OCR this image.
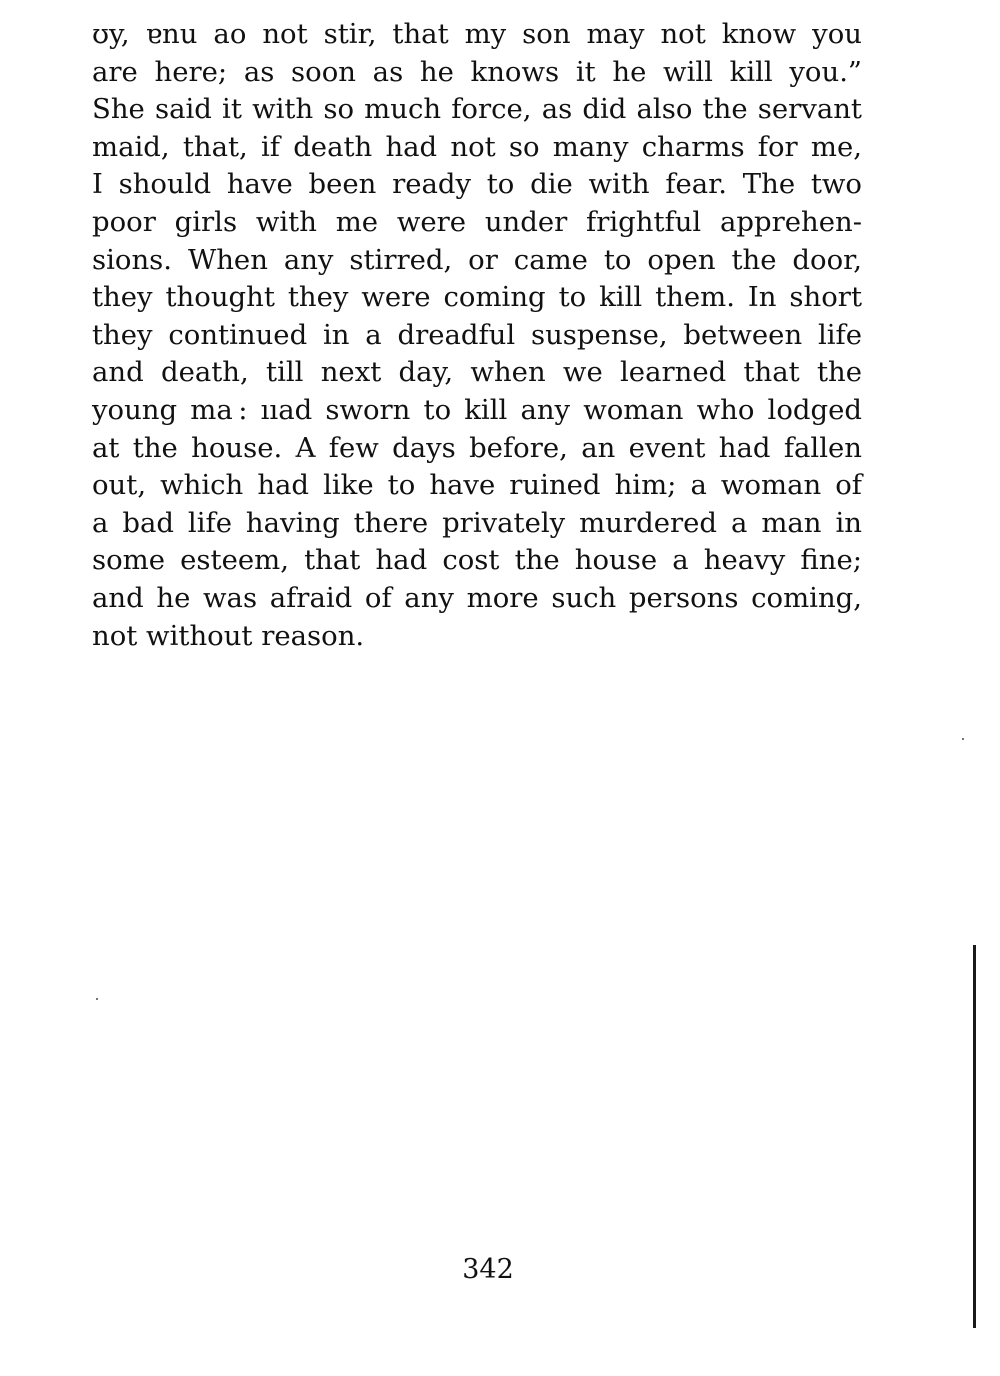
ʊy, ɐnu ao not stir, that my son may not know you
are here; as soon as he knows it he will kill you.”
She said it with so much force, as did also the servant
maid, that, if death had not so many charms for me,
I should have been ready to die with fear. The two
poor girls with me were under frightful apprehen-
sions. When any stirred, or came to open the door,
they thought they were coming to kill them. In short
they continued in a dreadful suspense, between life
and death, till next day, when we learned that the
young ma : ııad sworn to kill any woman who lodged
at the house. A few days before, an event had fallen
out, which had like to have ruined him; a woman of
a bad life having there privately murdered a man in
some esteem, that had cost the house a heavy fine;
and he was afraid of any more such persons coming,
not without reason.
342
